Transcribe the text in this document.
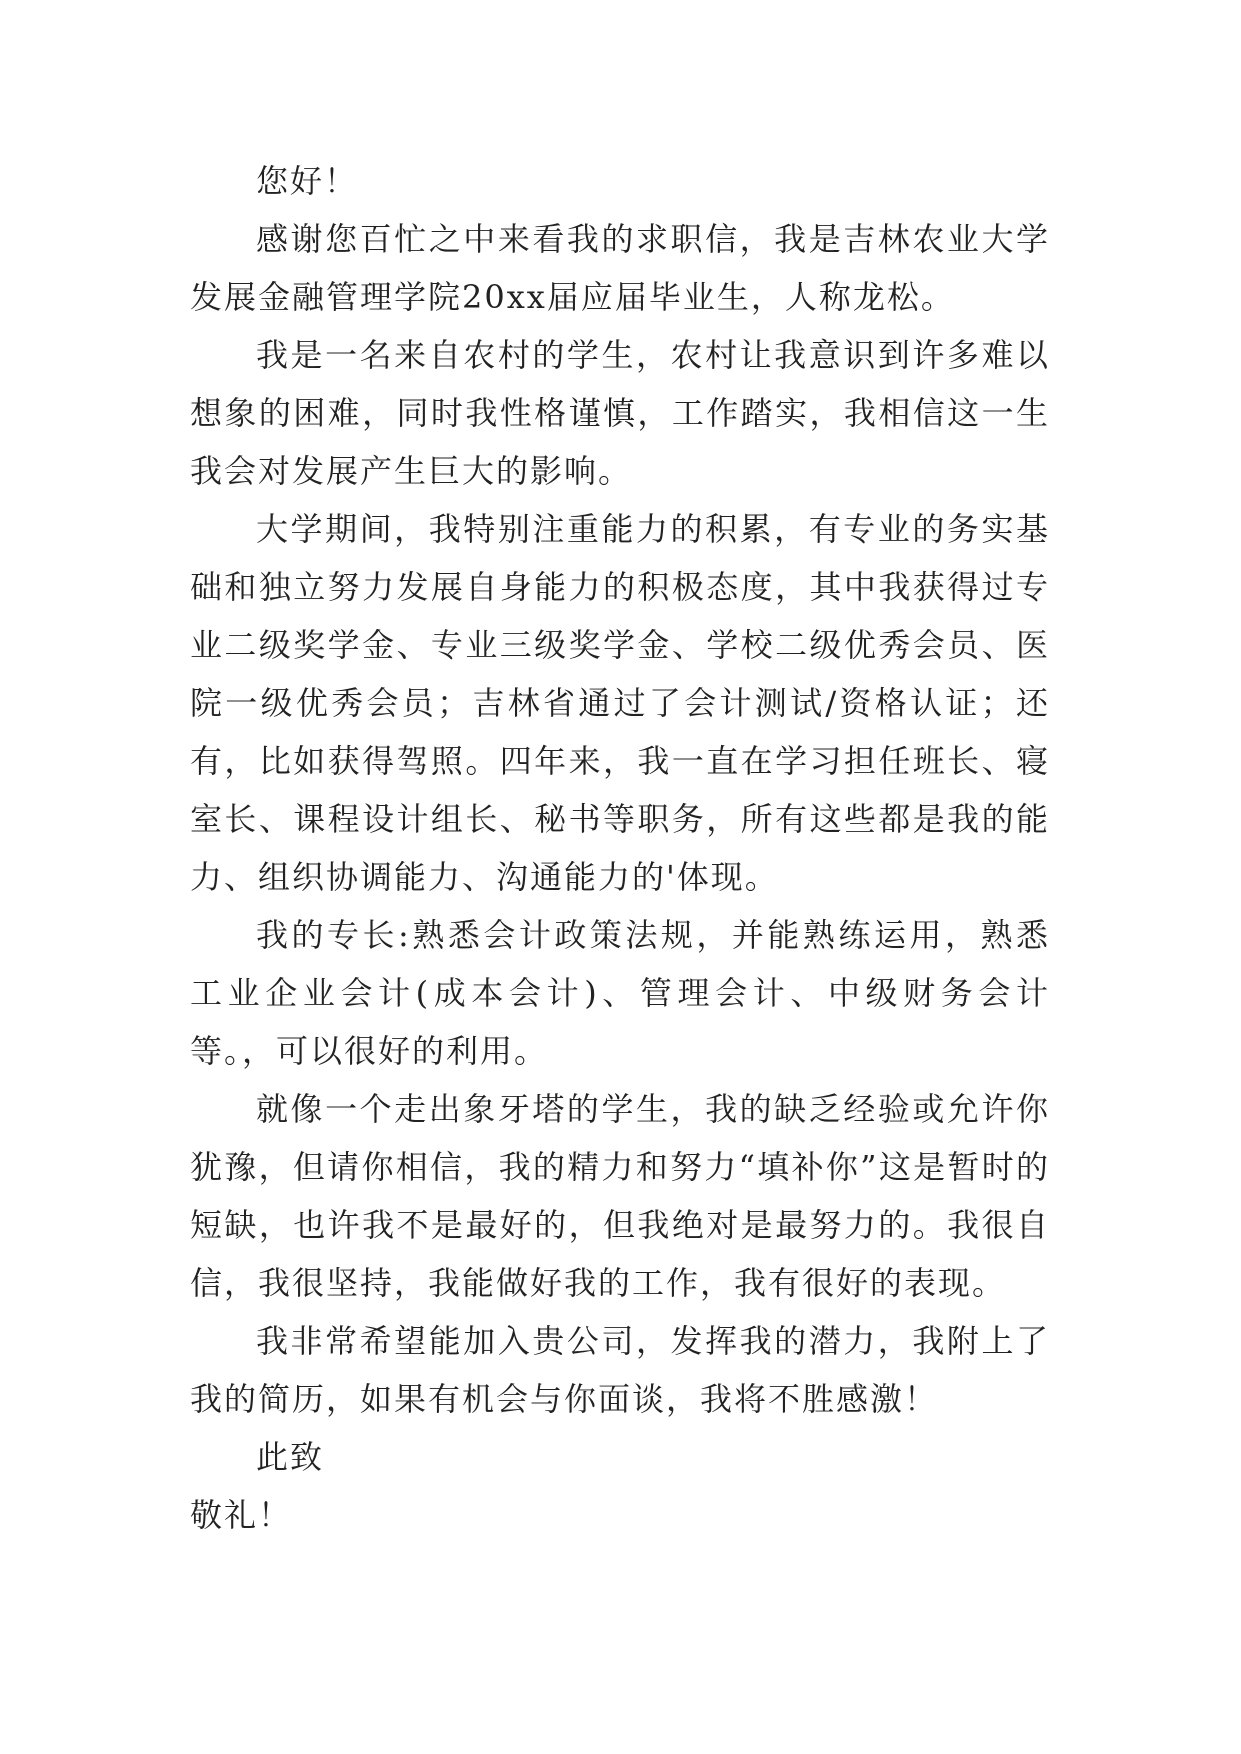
您好！

感谢您百忙之中来看我的求职信，我是吉林农业大学发展金融管理学院20xx届应届毕业生，人称龙松。

我是一名来自农村的学生，农村让我意识到许多难以想象的困难，同时我性格谨慎，工作踏实，我相信这一生我会对发展产生巨大的影响。

大学期间，我特别注重能力的积累，有专业的务实基础和独立努力发展自身能力的积极态度，其中我获得过专业二级奖学金、专业三级奖学金、学校二级优秀会员、医院一级优秀会员；吉林省通过了会计测试/资格认证；还有，比如获得驾照。四年来，我一直在学习担任班长、寝室长、课程设计组长、秘书等职务，所有这些都是我的能力、组织协调能力、沟通能力的'体现。

我的专长:熟悉会计政策法规，并能熟练运用，熟悉工业企业会计(成本会计)、管理会计、中级财务会计等。，可以很好的利用。

就像一个走出象牙塔的学生，我的缺乏经验或允许你犹豫，但请你相信，我的精力和努力“填补你”这是暂时的短缺，也许我不是最好的，但我绝对是最努力的。我很自信，我很坚持，我能做好我的工作，我有很好的表现。

我非常希望能加入贵公司，发挥我的潜力，我附上了我的简历，如果有机会与你面谈，我将不胜感激！

此致

敬礼！
